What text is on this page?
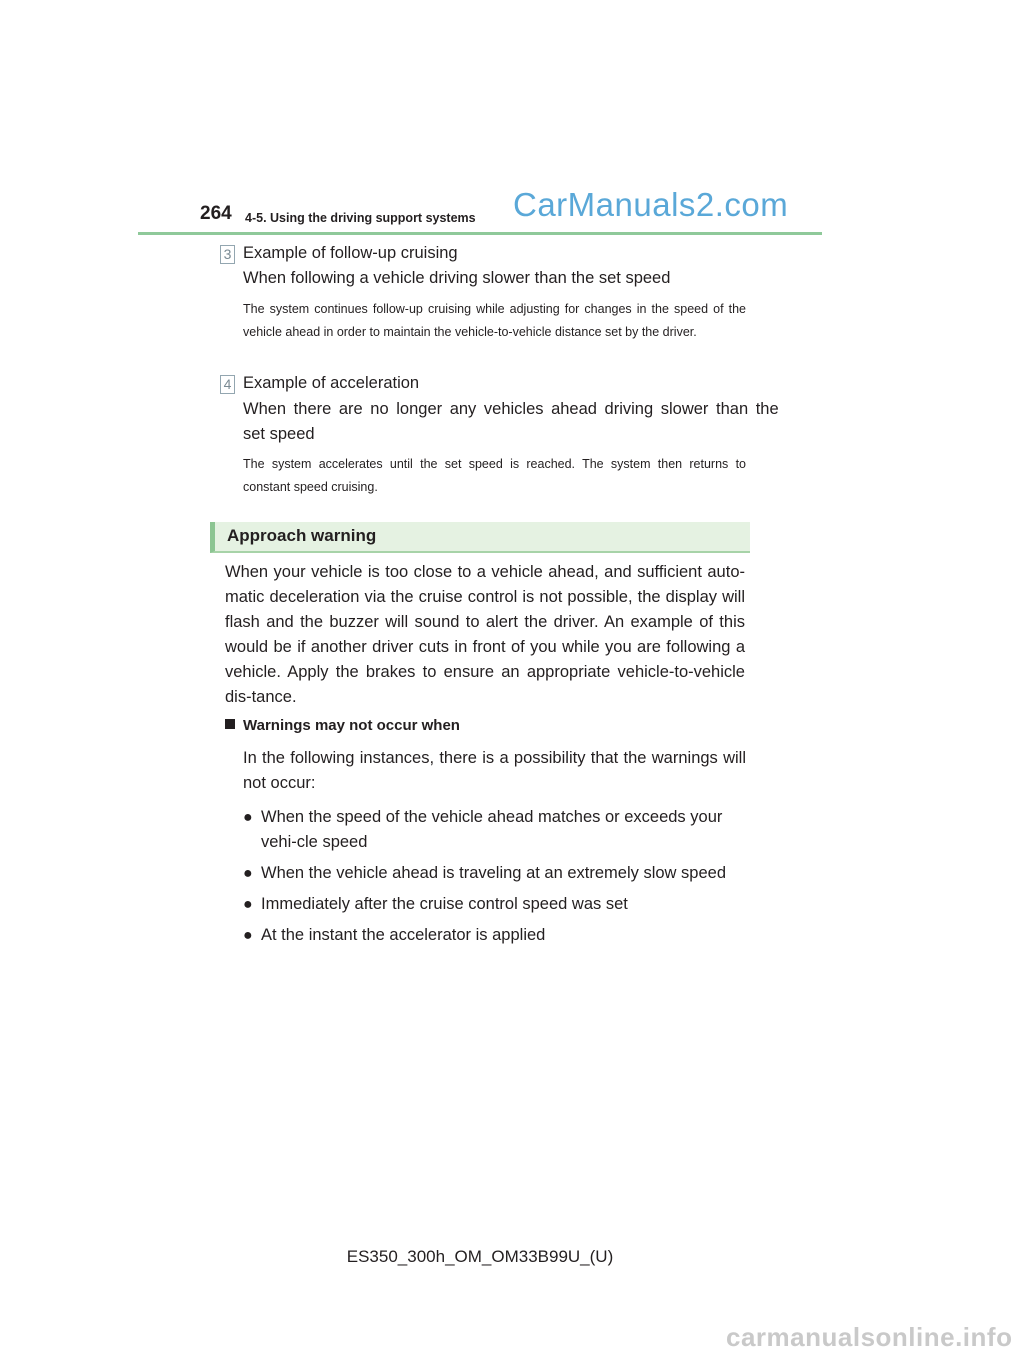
264 4-5. Using the driving support systems CarManuals2.com
3 Example of follow-up cruising
When following a vehicle driving slower than the set speed
The system continues follow-up cruising while adjusting for changes in the speed of the vehicle ahead in order to maintain the vehicle-to-vehicle distance set by the driver.
4 Example of acceleration
When there are no longer any vehicles ahead driving slower than the
set speed
The system accelerates until the set speed is reached. The system then returns to constant speed cruising.
Approach warning
When your vehicle is too close to a vehicle ahead, and sufficient auto-matic deceleration via the cruise control is not possible, the display will flash and the buzzer will sound to alert the driver. An example of this would be if another driver cuts in front of you while you are following a vehicle. Apply the brakes to ensure an appropriate vehicle-to-vehicle dis-tance.
Warnings may not occur when
In the following instances, there is a possibility that the warnings will not occur:
● When the speed of the vehicle ahead matches or exceeds your vehi-cle speed
● When the vehicle ahead is traveling at an extremely slow speed
● Immediately after the cruise control speed was set
● At the instant the accelerator is applied
ES350_300h_OM_OM33B99U_(U)
carmanualsonline.info
